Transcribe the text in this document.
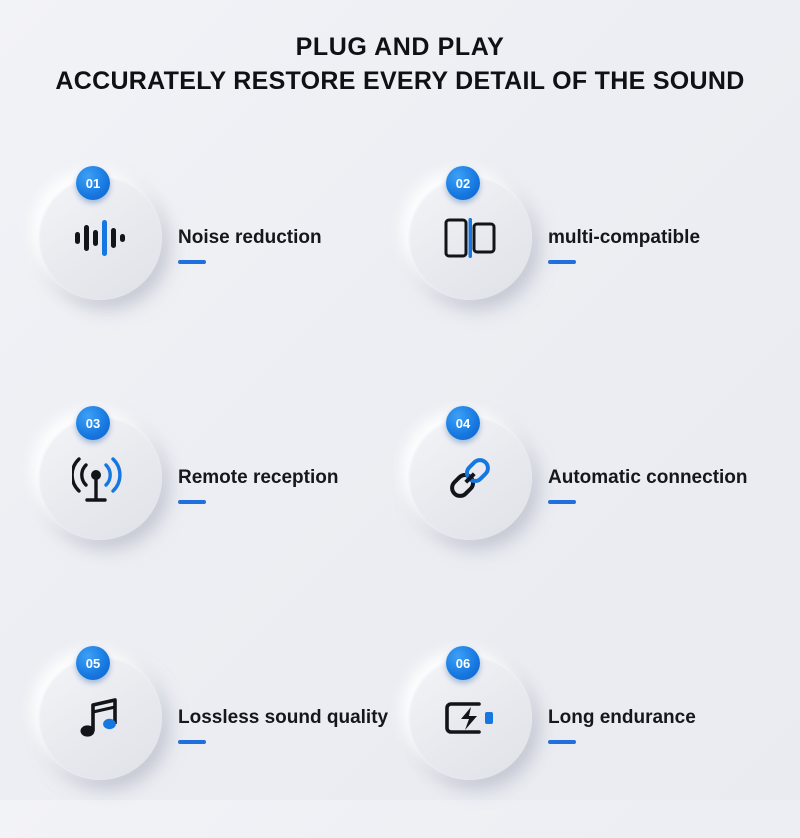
PLUG AND PLAY
ACCURATELY RESTORE EVERY DETAIL OF THE SOUND
01
Noise reduction
02
multi-compatible
03
Remote reception
04
Automatic connection
05
Lossless sound quality
06
Long endurance
